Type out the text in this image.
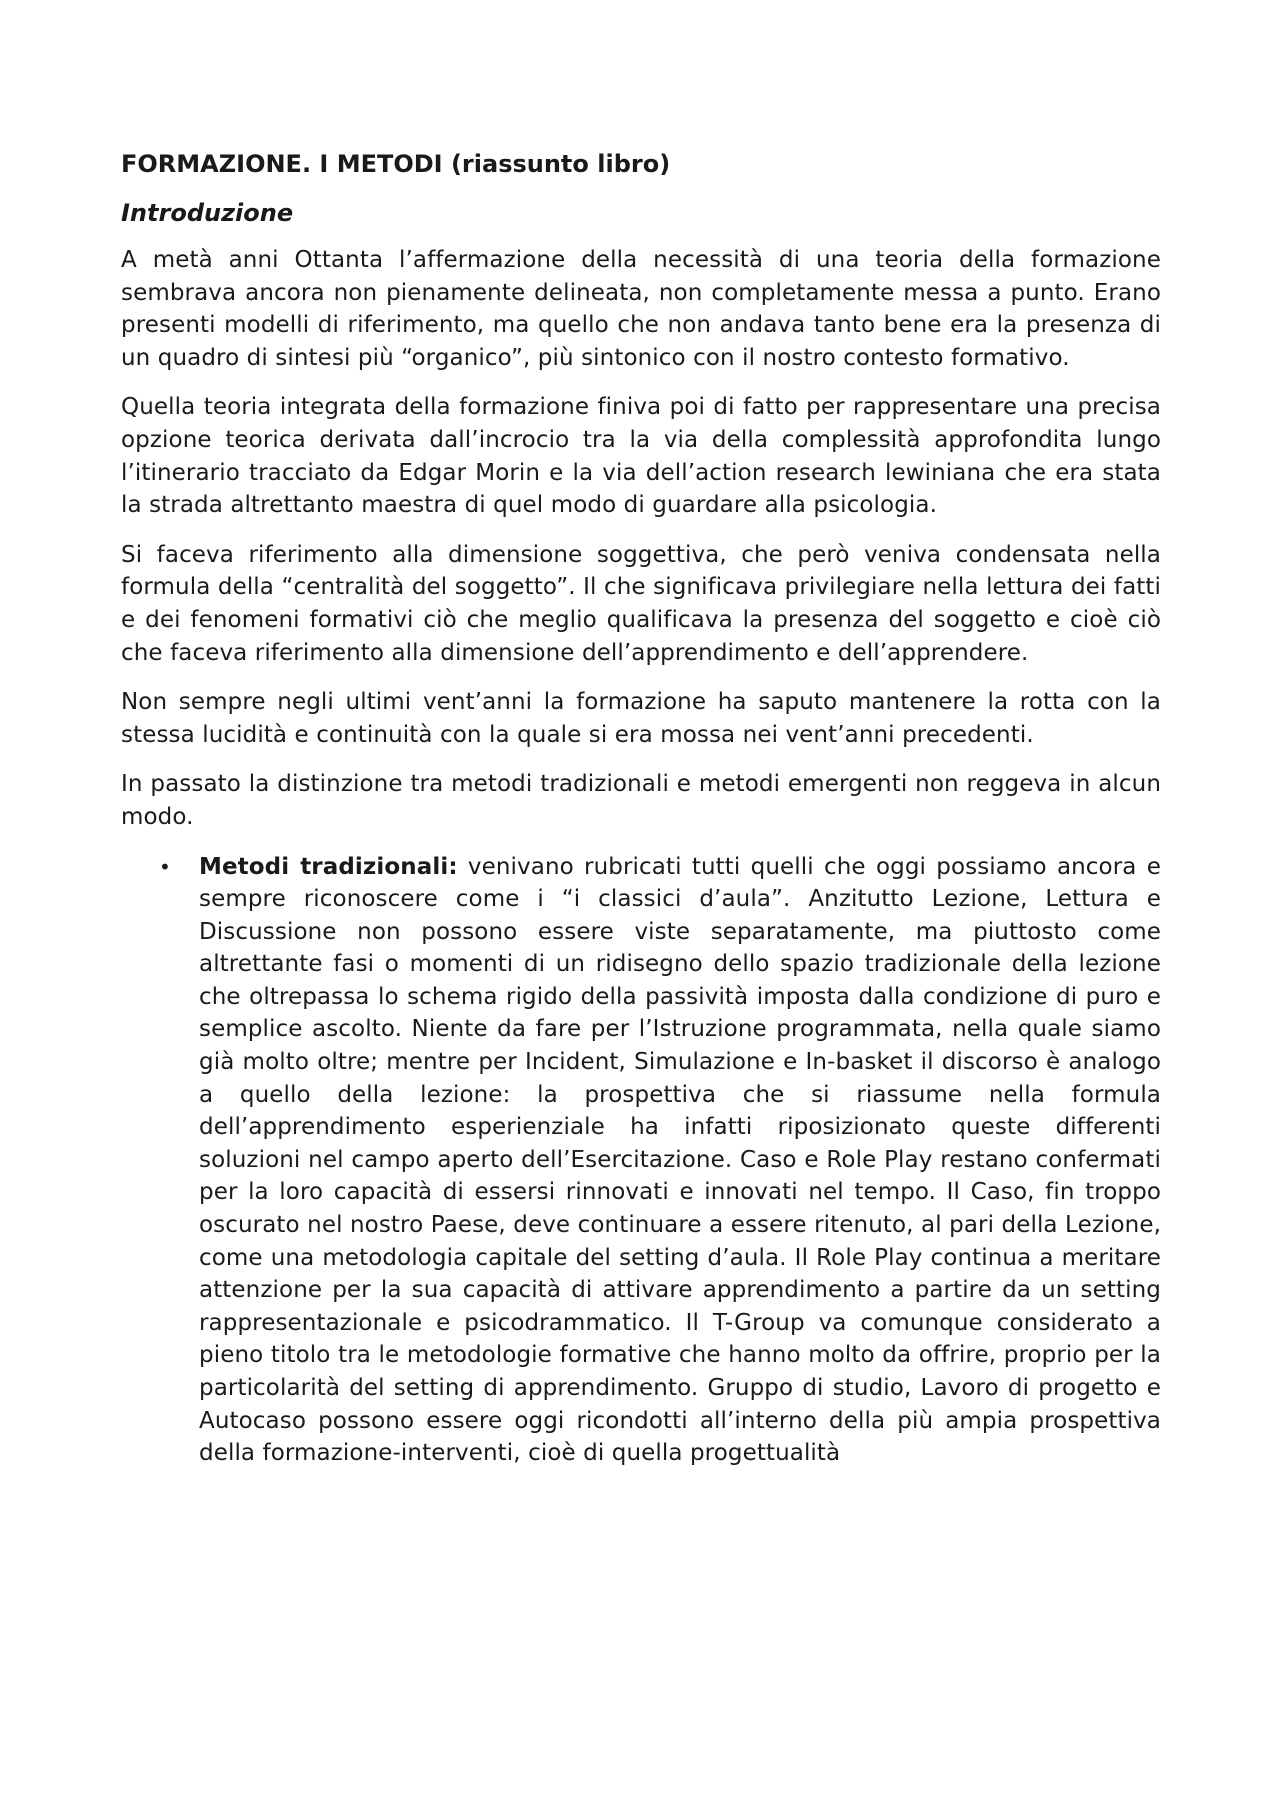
FORMAZIONE. I METODI (riassunto libro)
Introduzione

A metà anni Ottanta l’affermazione della necessità di una teoria della formazione sembrava ancora non pienamente delineata, non completamente messa a punto. Erano presenti modelli di riferimento, ma quello che non andava tanto bene era la presenza di un quadro di sintesi più “organico”, più sintonico con il nostro contesto formativo.

Quella teoria integrata della formazione finiva poi di fatto per rappresentare una precisa opzione teorica derivata dall’incrocio tra la via della complessità approfondita lungo l’itinerario tracciato da Edgar Morin e la via dell’action research lewiniana che era stata la strada altrettanto maestra di quel modo di guardare alla psicologia.

Si faceva riferimento alla dimensione soggettiva, che però veniva condensata nella formula della “centralità del soggetto”. Il che significava privilegiare nella lettura dei fatti e dei fenomeni formativi ciò che meglio qualificava la presenza del soggetto e cioè ciò che faceva riferimento alla dimensione dell’apprendimento e dell’apprendere.

Non sempre negli ultimi vent’anni la formazione ha saputo mantenere la rotta con la stessa lucidità e continuità con la quale si era mossa nei vent’anni precedenti.

In passato la distinzione tra metodi tradizionali e metodi emergenti non reggeva in alcun modo.

• Metodi tradizionali: venivano rubricati tutti quelli che oggi possiamo ancora e sempre riconoscere come i “i classici d’aula”. Anzitutto Lezione, Lettura e Discussione non possono essere viste separatamente, ma piuttosto come altrettante fasi o momenti di un ridisegno dello spazio tradizionale della lezione che oltrepassa lo schema rigido della passività imposta dalla condizione di puro e semplice ascolto. Niente da fare per l’Istruzione programmata, nella quale siamo già molto oltre; mentre per Incident, Simulazione e In-basket il discorso è analogo a quello della lezione: la prospettiva che si riassume nella formula dell’apprendimento esperienziale ha infatti riposizionato queste differenti soluzioni nel campo aperto dell’Esercitazione. Caso e Role Play restano confermati per la loro capacità di essersi rinnovati e innovati nel tempo. Il Caso, fin troppo oscurato nel nostro Paese, deve continuare a essere ritenuto, al pari della Lezione, come una metodologia capitale del setting d’aula. Il Role Play continua a meritare attenzione per la sua capacità di attivare apprendimento a partire da un setting rappresentazionale e psicodrammatico. Il T-Group va comunque considerato a pieno titolo tra le metodologie formative che hanno molto da offrire, proprio per la particolarità del setting di apprendimento. Gruppo di studio, Lavoro di progetto e Autocaso possono essere oggi ricondotti all’interno della più ampia prospettiva della formazione-interventi, cioè di quella progettualità
